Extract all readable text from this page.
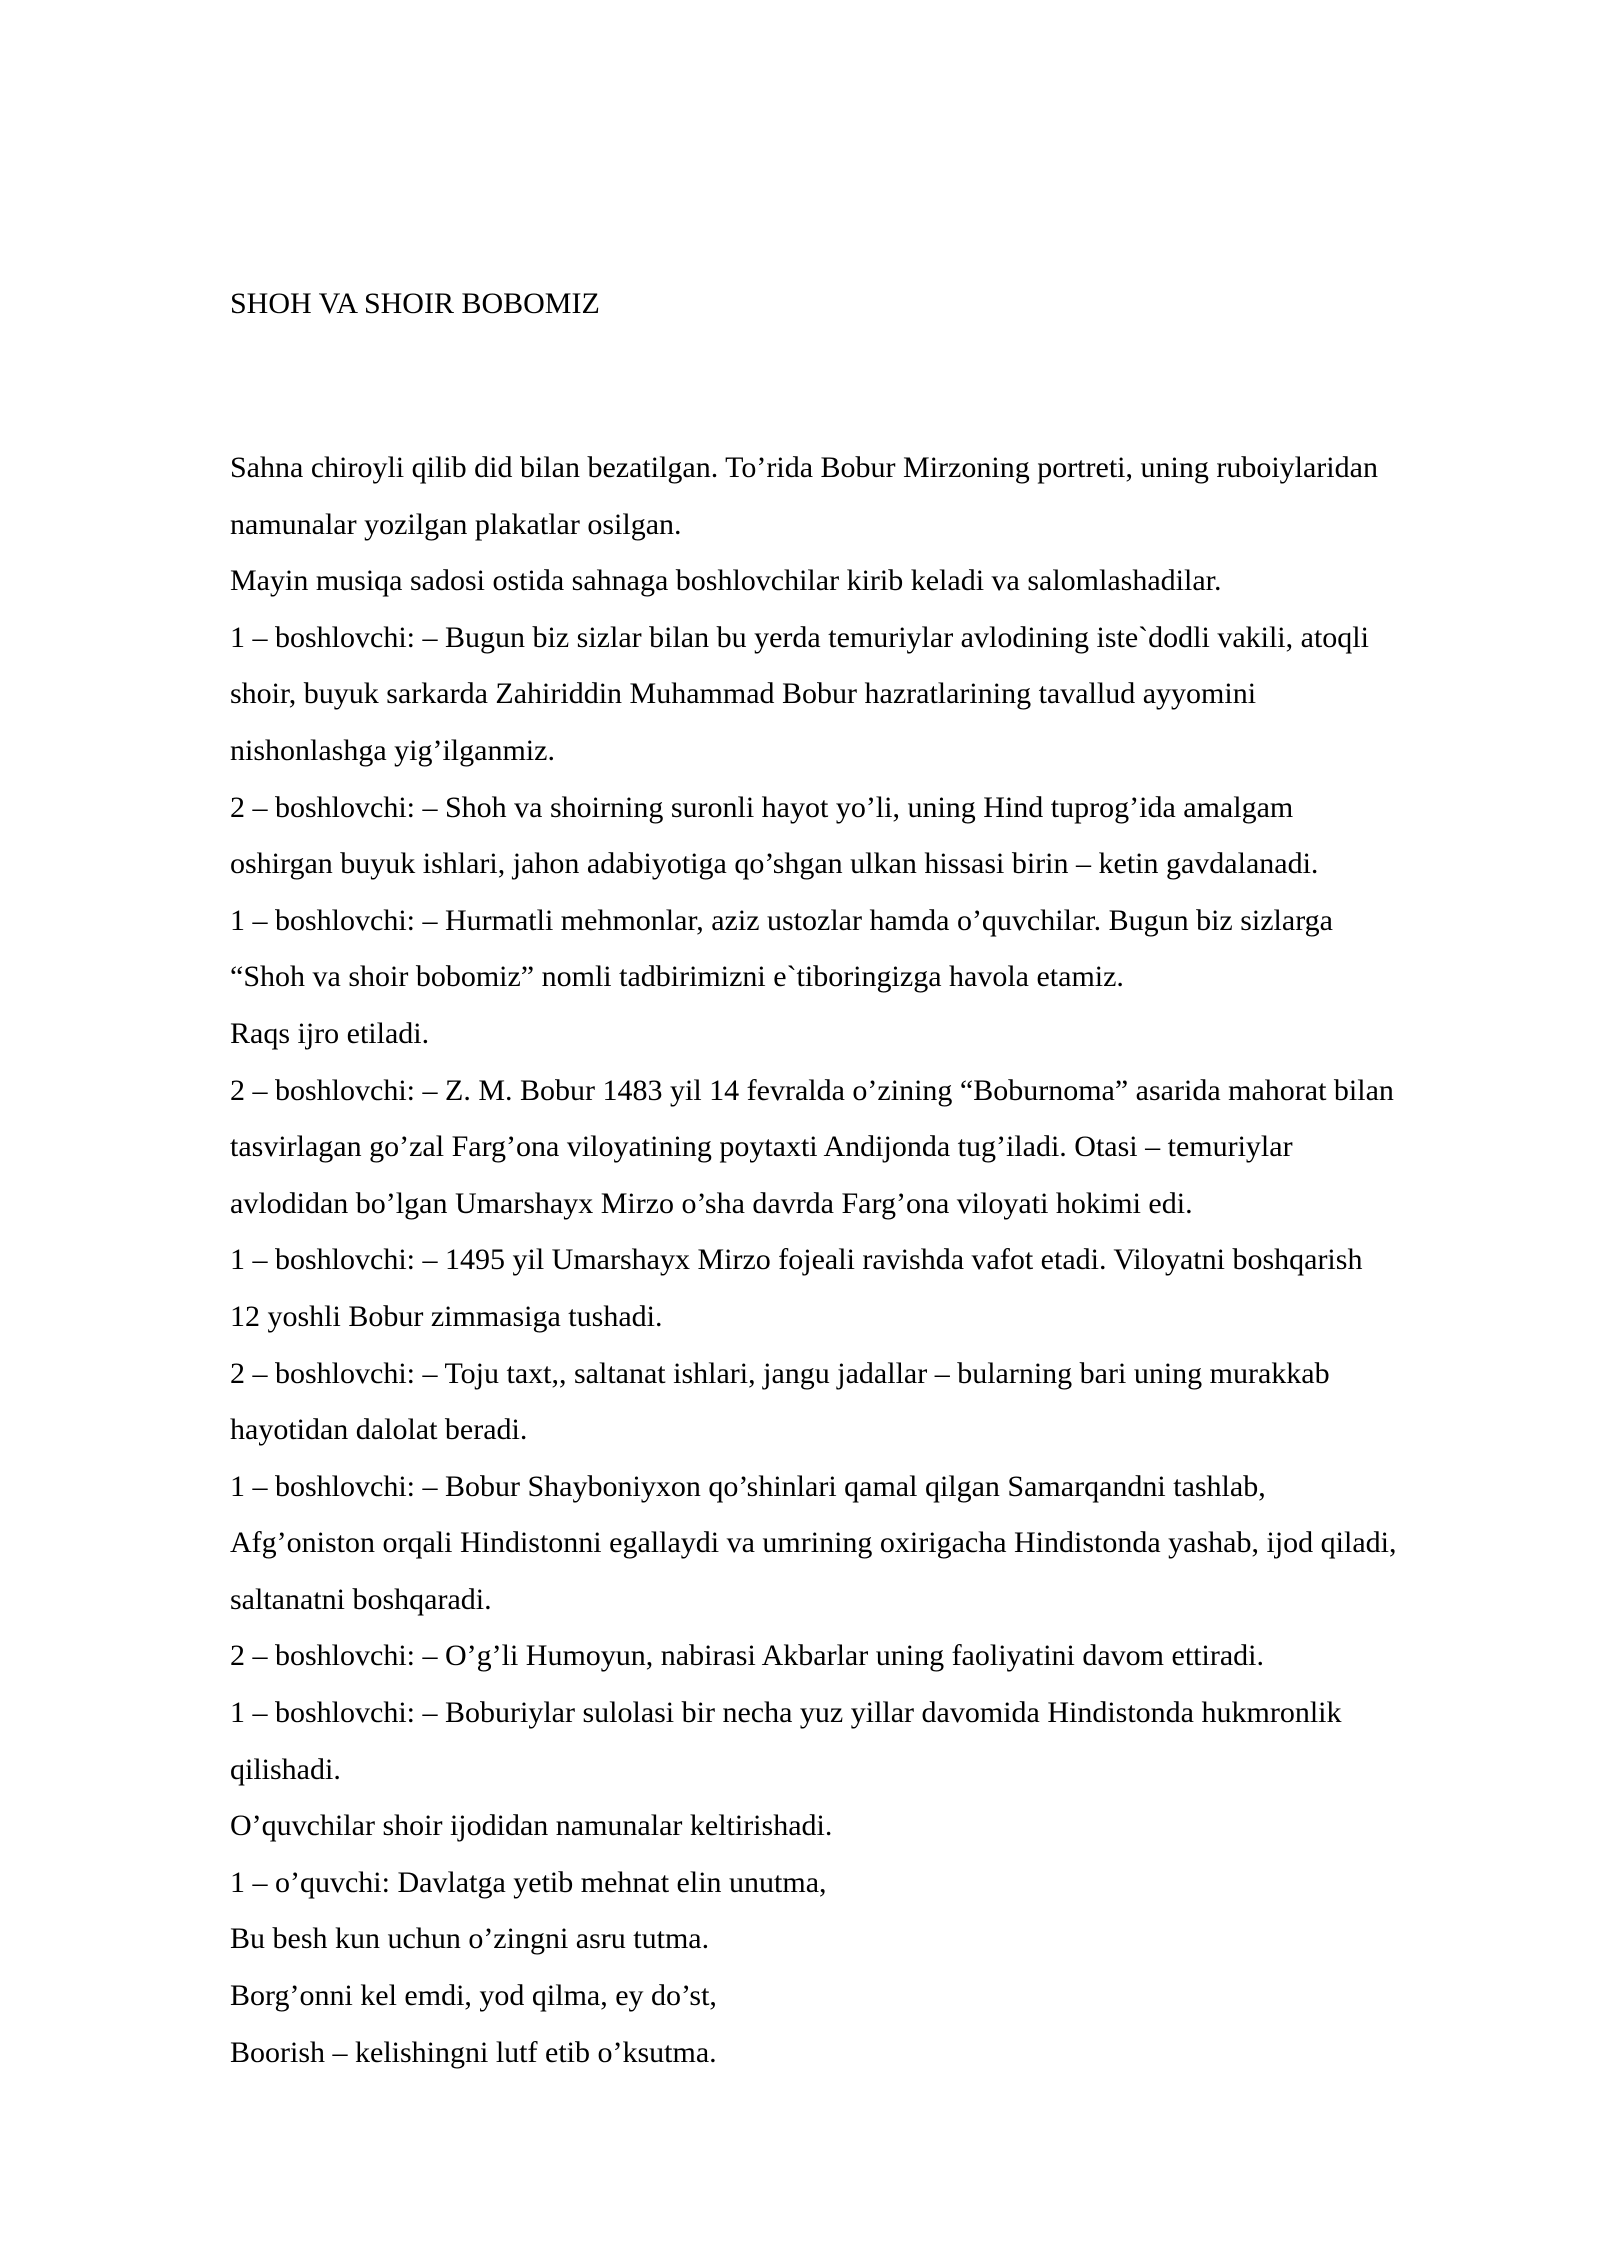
SHOH VA SHOIR BOBOMIZ
Sahna chiroyli qilib did bilan bezatilgan. To’rida Bobur Mirzoning portreti, uning ruboiylaridan
namunalar yozilgan plakatlar osilgan.
Mayin musiqa sadosi ostida sahnaga boshlovchilar kirib keladi va salomlashadilar.
1 – boshlovchi: – Bugun biz sizlar bilan bu yerda temuriylar avlodining iste`dodli vakili, atoqli
shoir, buyuk sarkarda Zahiriddin Muhammad Bobur hazratlarining tavallud ayyomini
nishonlashga yig’ilganmiz.
2 – boshlovchi: – Shoh va shoirning suronli hayot yo’li, uning Hind tuprog’ida amalgam
oshirgan buyuk ishlari, jahon adabiyotiga qo’shgan ulkan hissasi birin – ketin gavdalanadi.
1 – boshlovchi: – Hurmatli mehmonlar, aziz ustozlar hamda o’quvchilar. Bugun biz sizlarga
“Shoh va shoir bobomiz” nomli tadbirimizni e`tiboringizga havola etamiz.
Raqs ijro etiladi.
2 – boshlovchi: – Z. M. Bobur 1483 yil 14 fevralda o’zining “Boburnoma” asarida mahorat bilan
tasvirlagan go’zal Farg’ona viloyatining poytaxti Andijonda tug’iladi. Otasi – temuriylar
avlodidan bo’lgan Umarshayx Mirzo o’sha davrda Farg’ona viloyati hokimi edi.
1 – boshlovchi: – 1495 yil Umarshayx Mirzo fojeali ravishda vafot etadi. Viloyatni boshqarish
12 yoshli Bobur zimmasiga tushadi.
2 – boshlovchi: – Toju taxt,, saltanat ishlari, jangu jadallar – bularning bari uning murakkab
hayotidan dalolat beradi.
1 – boshlovchi: – Bobur Shayboniyxon qo’shinlari qamal qilgan Samarqandni tashlab,
Afg’oniston orqali Hindistonni egallaydi va umrining oxirigacha Hindistonda yashab, ijod qiladi,
saltanatni boshqaradi.
2 – boshlovchi: – O’g’li Humoyun, nabirasi Akbarlar uning faoliyatini davom ettiradi.
1 – boshlovchi: – Boburiylar sulolasi bir necha yuz yillar davomida Hindistonda hukmronlik
qilishadi.
O’quvchilar shoir ijodidan namunalar keltirishadi.
1 – o’quvchi: Davlatga yetib mehnat elin unutma,
Bu besh kun uchun o’zingni asru tutma.
Borg’onni kel emdi, yod qilma, ey do’st,
Boorish – kelishingni lutf etib o’ksutma.
